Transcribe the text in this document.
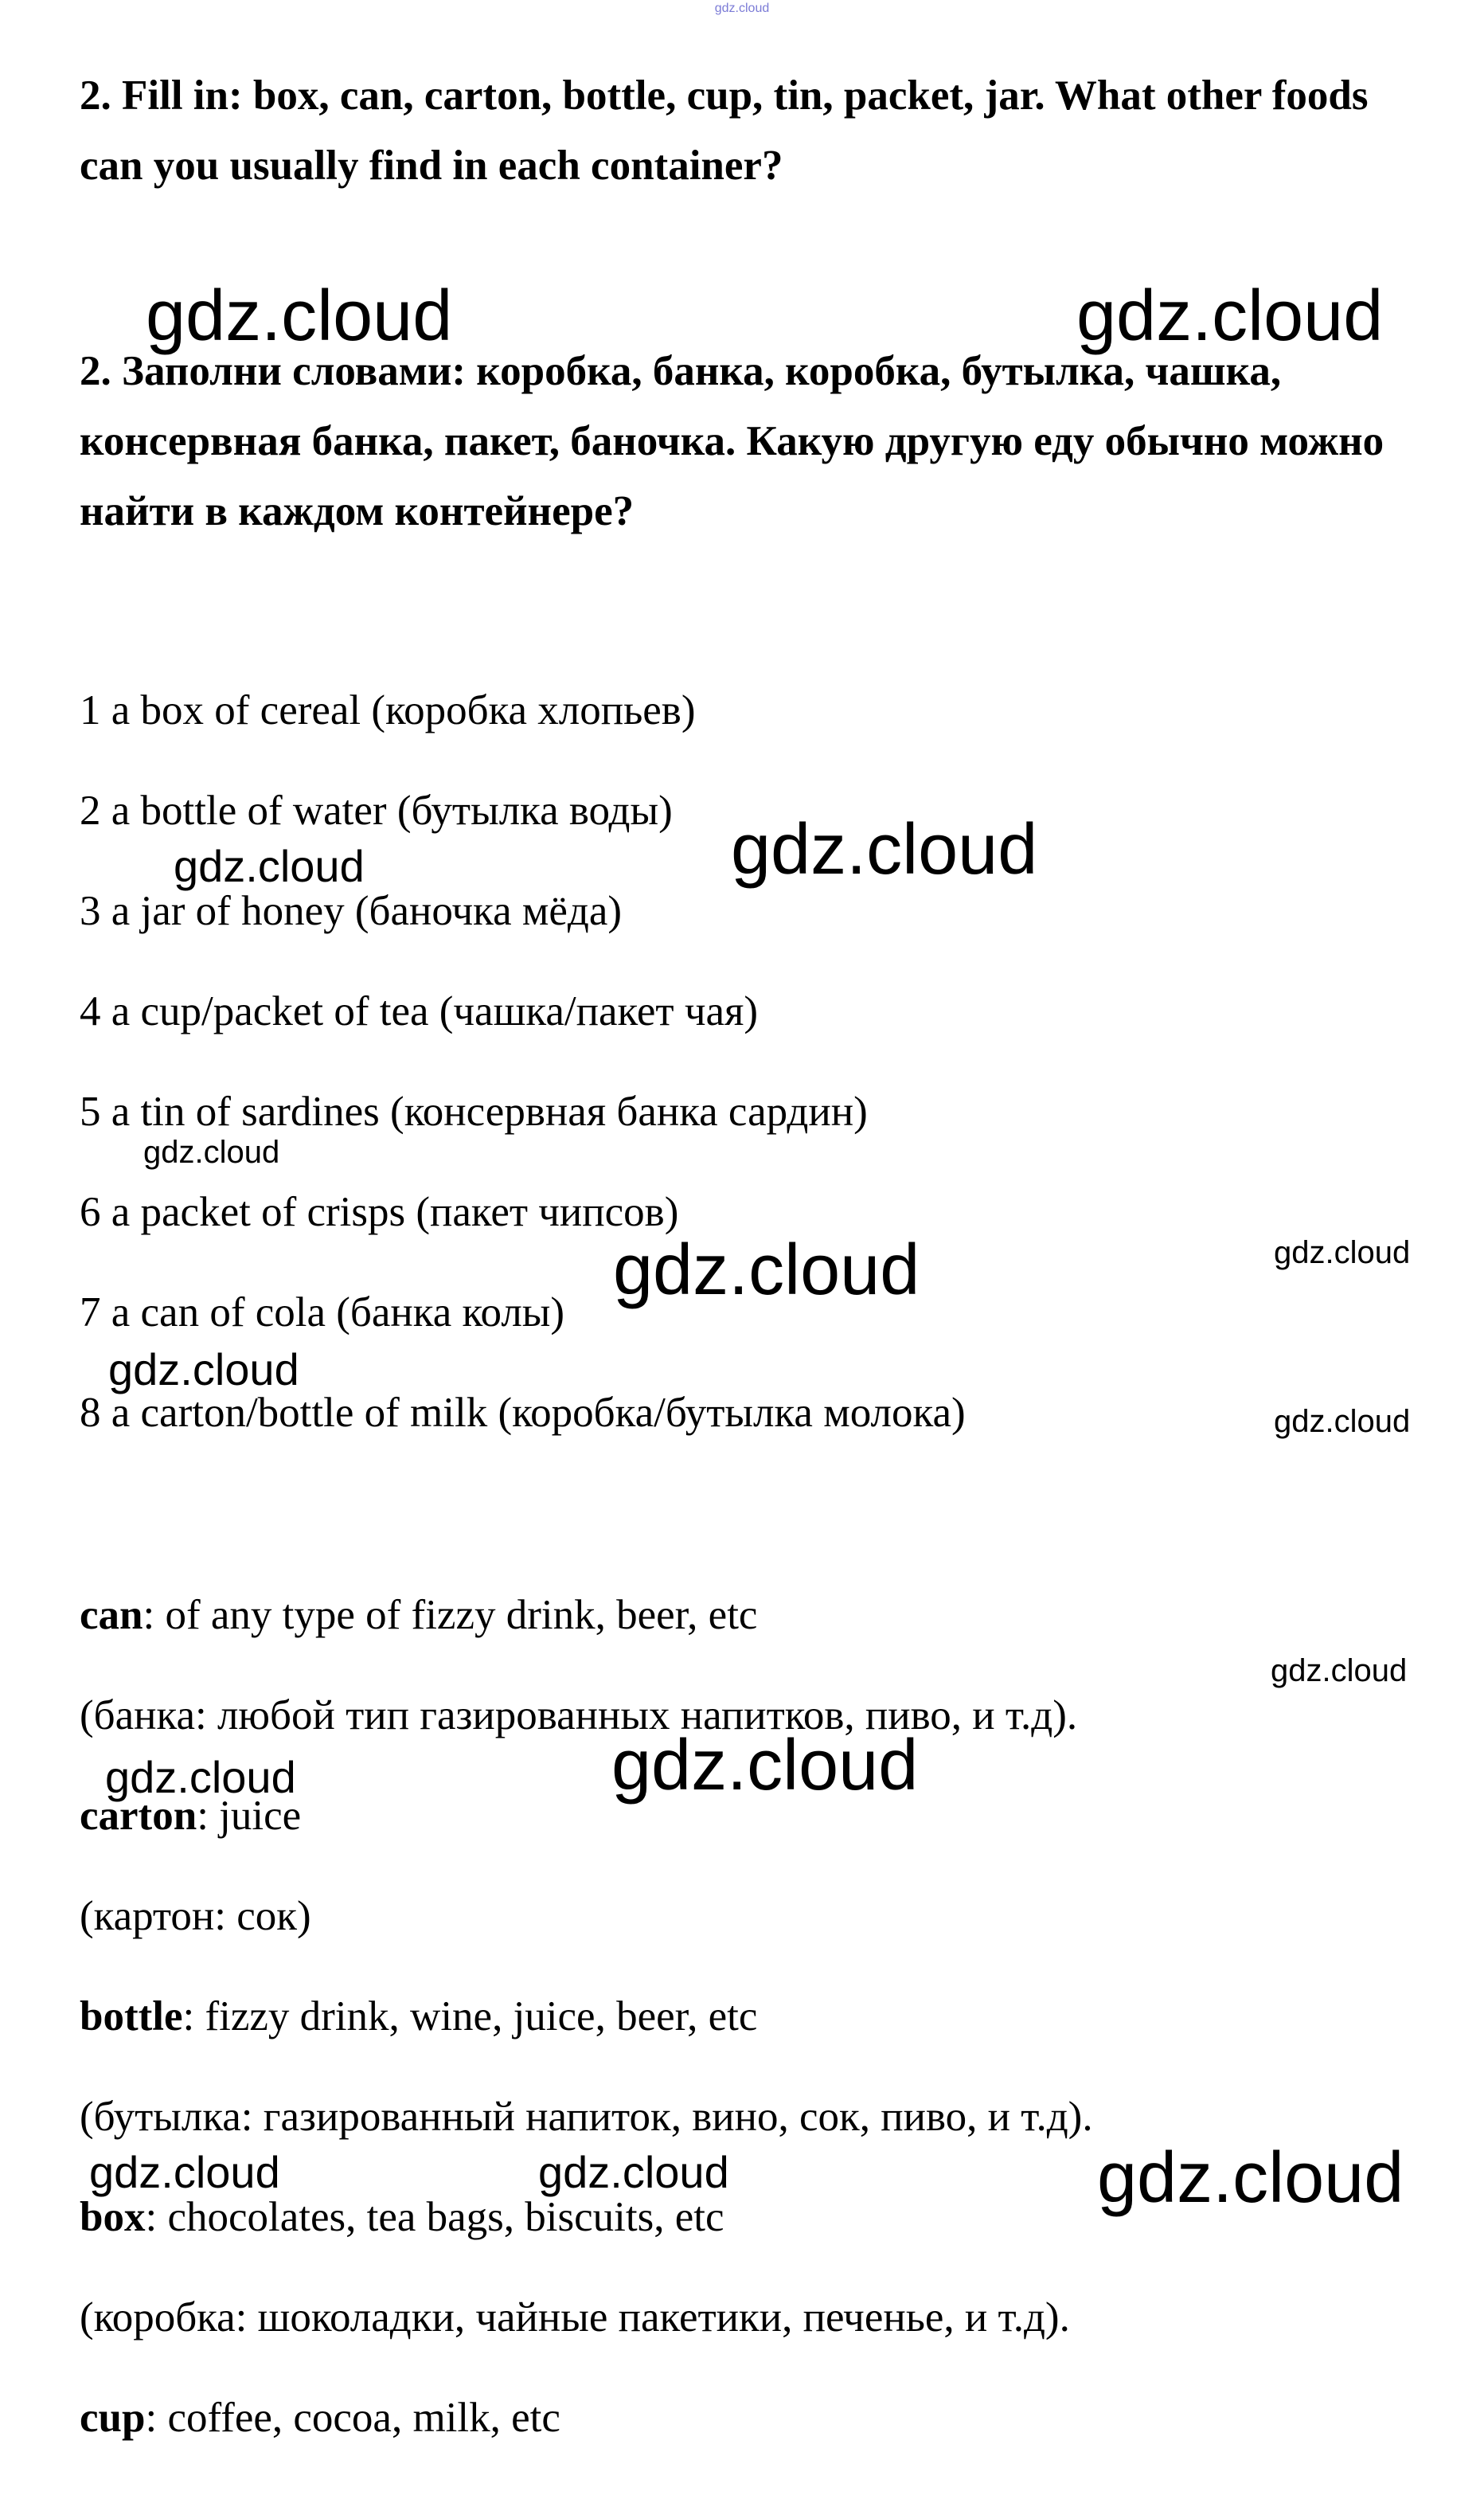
gdz.cloud

2. Fill in: box, can, carton, bottle, cup, tin, packet, jar. What other foods can you usually find in each container?

2. Заполни словами: коробка, банка, коробка, бутылка, чашка, консервная банка, пакет, баночка. Какую другую еду обычно можно найти в каждом контейнере?

1 a box of cereal (коробка хлопьев)

2 a bottle of water (бутылка воды)

3 a jar of honey (баночка мёда)

4 a cup/packet of tea (чашка/пакет чая)

5 a tin of sardines (консервная банка сардин)

6 a packet of crisps (пакет чипсов)

7 a can of cola (банка колы)

8 a carton/bottle of milk (коробка/бутылка молока)

can: of any type of fizzy drink, beer, etc

(банка: любой тип газированных напитков, пиво, и т.д).

carton: juice

(картон: сок)

bottle: fizzy drink, wine, juice, beer, etc

(бутылка: газированный напиток, вино, сок, пиво, и т.д).

box: chocolates, tea bags, biscuits, etc

(коробка: шоколадки, чайные пакетики, печенье, и т.д).

cup: coffee, cocoa, milk, etc

gdz.cloud	gdz.cloud
gdz.cloud
gdz.cloud
gdz.cloud
gdz.cloud
gdz.cloud
gdz.cloud
gdz.cloud
gdz.cloud
gdz.cloud	gdz.cloud
gdz.cloud	gdz.cloud	gdz.cloud
